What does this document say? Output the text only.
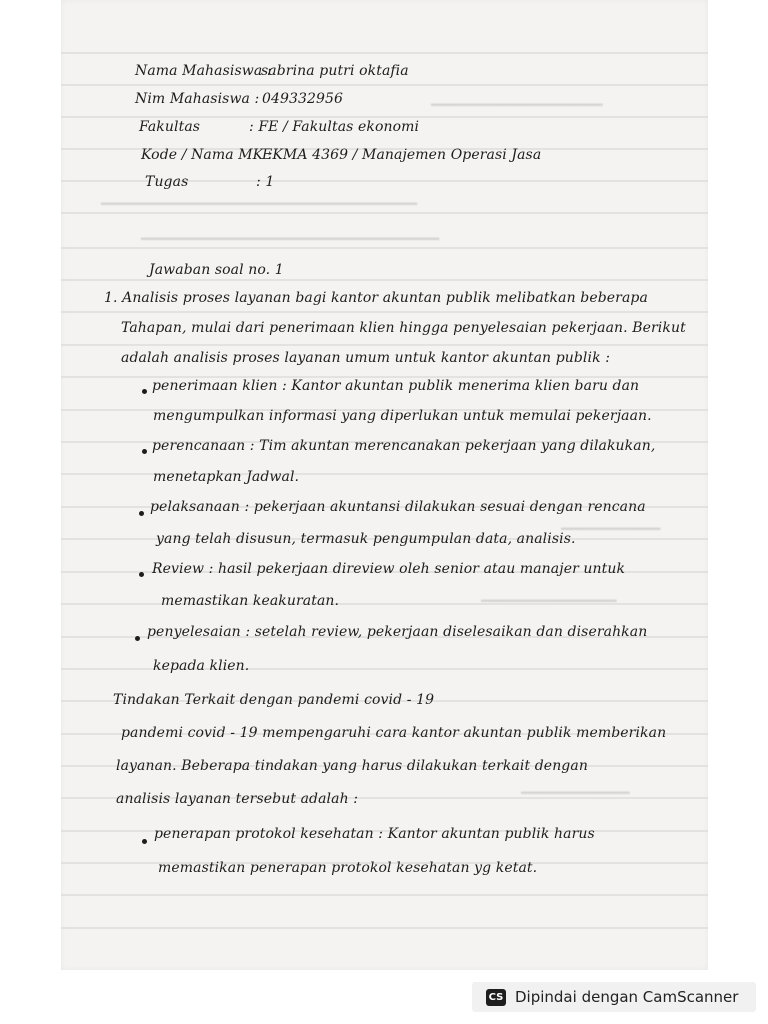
━━━━━━━━━━━━━━━━━━━
━━━━━━━━━━━━━━━━━━━━━━━━━━━━━━━━━━━
━━━━━━━━━━━━━━━━━━━━━━━━━━━━━━━━━
━━━━━━━━━━━
━━━━━━━━━━━━━━━
━━━━━━━━━━━━
Nama Mahasiswa :
sabrina putri oktafia
Nim Mahasiswa : 049332956
Fakultas	: FE / Fakultas ekonomi
Kode / Nama MK :
EKMA 4369 / Manajemen Operasi Jasa
Tugas	: 1
Jawaban soal no. 1
1. Analisis proses layanan bagi kantor akuntan publik melibatkan beberapa
Tahapan, mulai dari penerimaan klien hingga penyelesaian pekerjaan. Berikut
adalah analisis proses layanan umum untuk kantor akuntan publik :
penerimaan klien : Kantor akuntan publik menerima klien baru dan
mengumpulkan informasi yang diperlukan untuk memulai pekerjaan.
perencanaan : Tim akuntan merencanakan pekerjaan yang dilakukan,
menetapkan Jadwal.
pelaksanaan : pekerjaan akuntansi dilakukan sesuai dengan rencana
yang telah disusun, termasuk pengumpulan data, analisis.
Review : hasil pekerjaan direview oleh senior atau manajer untuk
memastikan keakuratan.
penyelesaian : setelah review, pekerjaan diselesaikan dan diserahkan
kepada klien.
Tindakan Terkait dengan pandemi covid - 19
pandemi covid - 19 mempengaruhi cara kantor akuntan publik memberikan
layanan. Beberapa tindakan yang harus dilakukan terkait dengan
analisis layanan tersebut adalah :
penerapan protokol kesehatan : Kantor akuntan publik harus
memastikan penerapan protokol kesehatan yg ketat.
CS Dipindai dengan CamScanner
